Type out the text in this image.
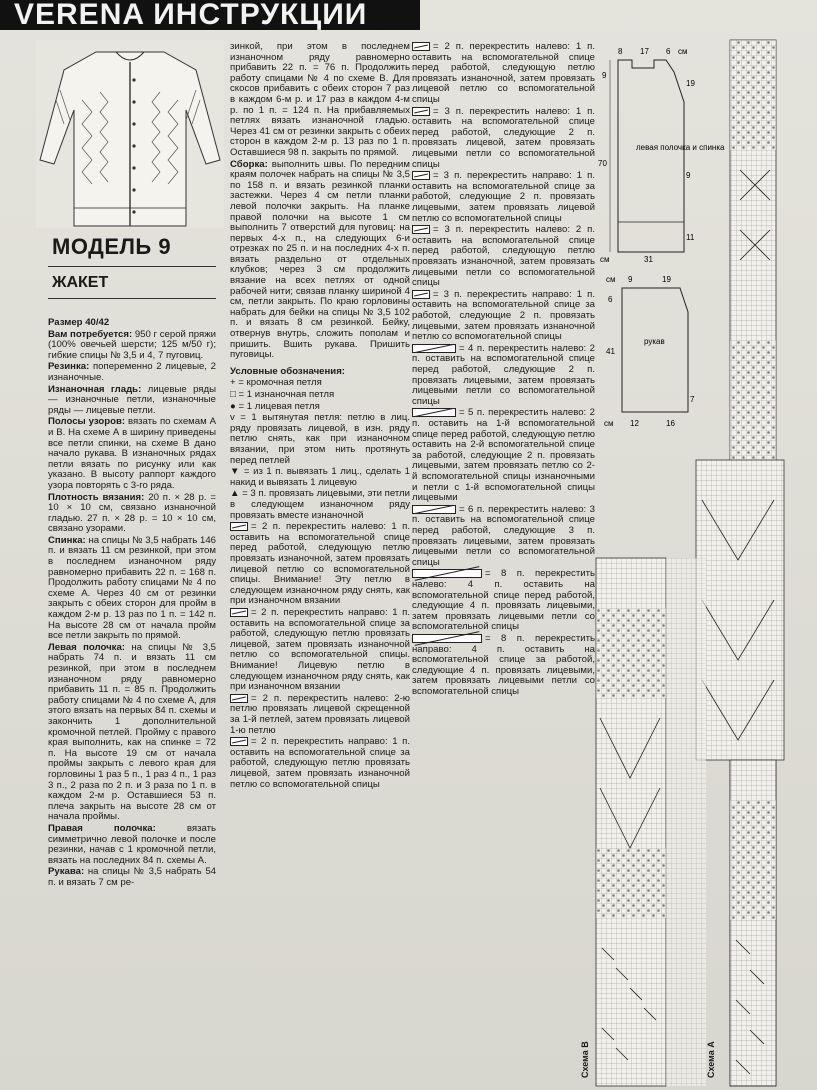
VERENA ИНСТРУКЦИИ
МОДЕЛЬ 9
ЖАКЕТ

Размер 40/42

Вам потребуется: 950 г серой пряжи (100% овечьей шерсти; 125 м/50 г); гибкие спицы № 3,5 и 4, 7 пуговиц.

Резинка: попеременно 2 лицевые, 2 изнаночные.

Изнаночная гладь: лицевые ряды — изнаночные петли, изнаночные ряды — лицевые петли.

Полосы узоров: вязать по схемам А и В. На схеме А в ширину приведены все петли спинки, на схеме В дано начало рукава. В изнаночных рядах петли вязать по рисунку или как указано. В высоту раппорт каждого узора повторять с 3-го ряда.

Плотность вязания: 20 п. × 28 р. = 10 × 10 см, связано изнаночной гладью. 27 п. × 28 р. = 10 × 10 см, связано узорами.

Спинка: на спицы № 3,5 набрать 146 п. и вязать 11 см резинкой, при этом в последнем изнаночном ряду равномерно прибавить 22 п. = 168 п. Продолжить работу спицами № 4 по схеме А. Через 40 см от резинки закрыть с обеих сторон для пройм в каждом 2-м р. 13 раз по 1 п. = 142 п. На высоте 28 см от начала пройм все петли закрыть по прямой.

Левая полочка: на спицы № 3,5 набрать 74 п. и вязать 11 см резинкой, при этом в последнем изнаночном ряду равномерно прибавить 11 п. = 85 п. Продолжить работу спицами № 4 по схеме А, для этого вязать на первых 84 п. схемы и закончить 1 дополнительной кромочной петлей. Пройму с правого края выполнить, как на спинке = 72 п. На высоте 19 см от начала проймы закрыть с левого края для горловины 1 раз 5 п., 1 раз 4 п., 1 раз 3 п., 2 раза по 2 п. и 3 раза по 1 п. в каждом 2-м р. Оставшиеся 53 п. плеча закрыть на высоте 28 см от начала проймы.

Правая полочка: вязать симметрично левой полочке и после резинки, начав с 1 кромочной петли, вязать на последних 84 п. схемы А.

Рукава: на спицы № 3,5 набрать 54 п. и вязать 7 см ре-

зинкой, при этом в последнем изнаночном ряду равномерно прибавить 22 п. = 76 п. Продолжить работу спицами № 4 по схеме В. Для скосов прибавить с обеих сторон 7 раз в каждом 6-м р. и 17 раз в каждом 4-м р. по 1 п. = 124 п. На прибавляемых петлях вязать изнаночной гладью. Через 41 см от резинки закрыть с обеих сторон в каждом 2-м р. 13 раз по 1 п. Оставшиеся 98 п. закрыть по прямой.

Сборка: выполнить швы. По передним краям полочек набрать на спицы № 3,5 по 158 п. и вязать резинкой планки застежки. Через 4 см петли планки левой полочки закрыть. На планке правой полочки на высоте 1 см выполнить 7 отверстий для пуговиц: на первых 4-х п., на следующих 6-и отрезках по 25 п. и на последних 4-х п. вязать раздельно от отдельных клубков; через 3 см продолжить вязание на всех петлях от одной рабочей нити; связав планку шириной 4 см, петли закрыть. По краю горловины набрать для бейки на спицы № 3,5 102 п. и вязать 8 см резинкой. Бейку, отвернув внутрь, сложить пополам и пришить. Вшить рукава. Пришить пуговицы.

Условные обозначения:

+ = кромочная петля

□ = 1 изнаночная петля

● = 1 лицевая петля

v = 1 вытянутая петля: петлю в лиц. ряду провязать лицевой, в изн. ряду петлю снять, как при изнаночном вязании, при этом нить протянуть перед петлей

▼ = из 1 п. вывязать 1 лиц., сделать 1 накид и вывязать 1 лицевую

▲ = 3 п. провязать лицевыми, эти петли в следующем изнаночном ряду провязать вместе изнаночной

= 2 п. перекрестить налево: 1 п. оставить на вспомогательной спице перед работой, следующую петлю провязать изнаночной, затем провязать лицевой петлю со вспомогательной спицы. Внимание! Эту петлю в следующем изнаночном ряду снять, как при изнаночном вязании

= 2 п. перекрестить направо: 1 п. оставить на вспомогательной спице за работой, следующую петлю провязать лицевой, затем провязать изнаночной петлю со вспомогательной спицы. Внимание! Лицевую петлю в следующем изнаночном ряду снять, как при изнаночном вязании

= 2 п. перекрестить налево: 2-ю петлю провязать лицевой скрещенной за 1-й петлей, затем провязать лицевой 1-ю петлю

= 2 п. перекрестить направо: 1 п. оставить на вспомогательной спице за работой, следующую петлю провязать лицевой, затем провязать изнаночной петлю со вспомогательной спицы

= 2 п. перекрестить налево: 1 п. оставить на вспомогательной спице перед работой, следующую петлю провязать изнаночной, затем провязать лицевой петлю со вспомогательной спицы

= 3 п. перекрестить налево: 1 п. оставить на вспомогательной спице перед работой, следующие 2 п. провязать лицевой, затем провязать лицевыми петли со вспомогательной спицы

= 3 п. перекрестить направо: 1 п. оставить на вспомогательной спице за работой, следующие 2 п. провязать лицевыми, затем провязать лицевой петлю со вспомогательной спицы

= 3 п. перекрестить налево: 2 п. оставить на вспомогательной спице перед работой, следующую петлю провязать изнаночной, затем провязать лицевыми петли со вспомогательной спицы

= 3 п. перекрестить направо: 1 п. оставить на вспомогательной спице за работой, следующие 2 п. провязать лицевыми, затем провязать изнаночной петлю со вспомогательной спицы

= 4 п. перекрестить налево: 2 п. оставить на вспомогательной спице перед работой, следующие 2 п. провязать лицевыми, затем провязать лицевыми петли со вспомогательной спицы

= 5 п. перекрестить налево: 2 п. оставить на 1-й вспомогательной спице перед работой, следующую петлю оставить на 2-й вспомогательной спице за работой, следующие 2 п. провязать лицевыми, затем провязать петлю со 2-й вспомогательной спицы изнаночными и петли с 1-й вспомогательной спицы лицевыми

= 6 п. перекрестить налево: 3 п. оставить на вспомогательной спице перед работой, следующие 3 п. провязать лицевыми, затем провязать лицевыми петли со вспомогательной спицы

= 8 п. перекрестить налево: 4 п. оставить на вспомогательной спице перед работой, следующие 4 п. провязать лицевыми, затем провязать лицевыми петли со вспомогательной спицы

= 8 п. перекрестить направо: 4 п. оставить на вспомогательной спице за работой, следующие 4 п. провязать лицевыми, затем провязать лицевыми петли со вспомогательной спицы

8 17 6 см
9
70
11
19
9
31
см
левая полочка и спинка
см 9	19
6
41
7
см 12	16
рукав
Схема В	Схема А
